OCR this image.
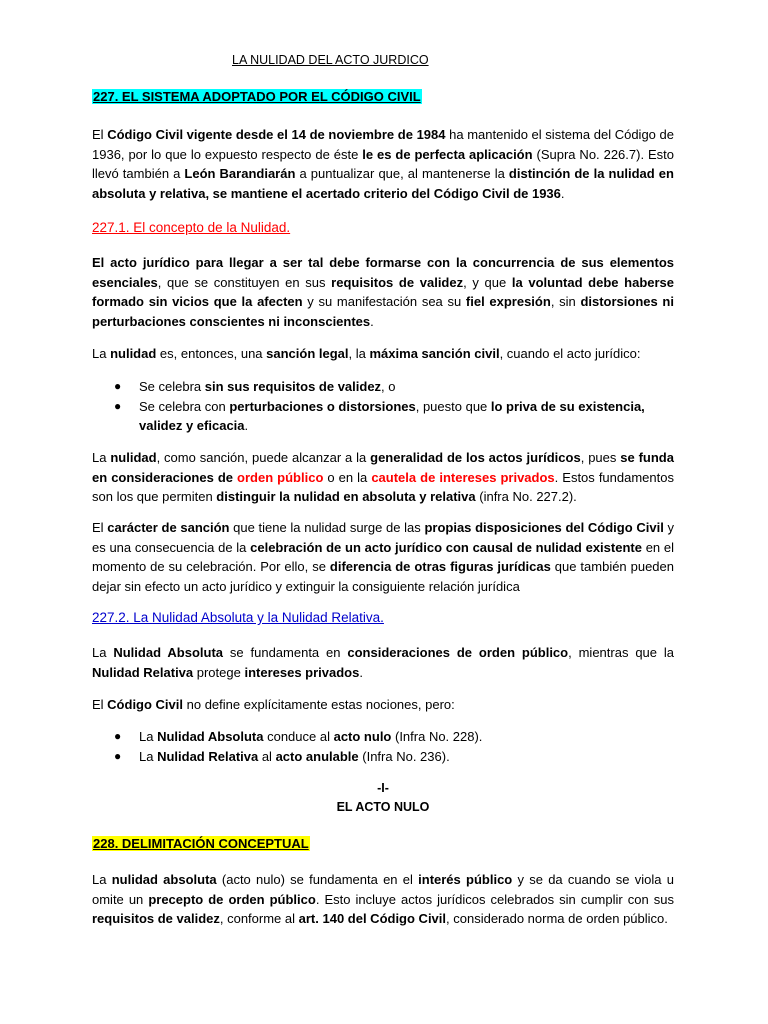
LA NULIDAD DEL ACTO JURDICO
227. EL SISTEMA ADOPTADO POR EL CÓDIGO CIVIL
El Código Civil vigente desde el 14 de noviembre de 1984 ha mantenido el sistema del Código de 1936, por lo que lo expuesto respecto de éste le es de perfecta aplicación (Supra No. 226.7). Esto llevó también a León Barandiarán a puntualizar que, al mantenerse la distinción de la nulidad en absoluta y relativa, se mantiene el acertado criterio del Código Civil de 1936.
227.1. El concepto de la Nulidad.
El acto jurídico para llegar a ser tal debe formarse con la concurrencia de sus elementos esenciales, que se constituyen en sus requisitos de validez, y que la voluntad debe haberse formado sin vicios que la afecten y su manifestación sea su fiel expresión, sin distorsiones ni perturbaciones conscientes ni inconscientes.
La nulidad es, entonces, una sanción legal, la máxima sanción civil, cuando el acto jurídico:
● Se celebra sin sus requisitos de validez, o
● Se celebra con perturbaciones o distorsiones, puesto que lo priva de su existencia, validez y eficacia.
La nulidad, como sanción, puede alcanzar a la generalidad de los actos jurídicos, pues se funda en consideraciones de orden público o en la cautela de intereses privados. Estos fundamentos son los que permiten distinguir la nulidad en absoluta y relativa (infra No. 227.2).
El carácter de sanción que tiene la nulidad surge de las propias disposiciones del Código Civil y es una consecuencia de la celebración de un acto jurídico con causal de nulidad existente en el momento de su celebración. Por ello, se diferencia de otras figuras jurídicas que también pueden dejar sin efecto un acto jurídico y extinguir la consiguiente relación jurídica
227.2. La Nulidad Absoluta y la Nulidad Relativa.
La Nulidad Absoluta se fundamenta en consideraciones de orden público, mientras que la Nulidad Relativa protege intereses privados.
El Código Civil no define explícitamente estas nociones, pero:
● La Nulidad Absoluta conduce al acto nulo (Infra No. 228).
● La Nulidad Relativa al acto anulable (Infra No. 236).
-I-
EL ACTO NULO
228. DELIMITACIÓN CONCEPTUAL
La nulidad absoluta (acto nulo) se fundamenta en el interés público y se da cuando se viola u omite un precepto de orden público. Esto incluye actos jurídicos celebrados sin cumplir con sus requisitos de validez, conforme al art. 140 del Código Civil, considerado norma de orden público.
